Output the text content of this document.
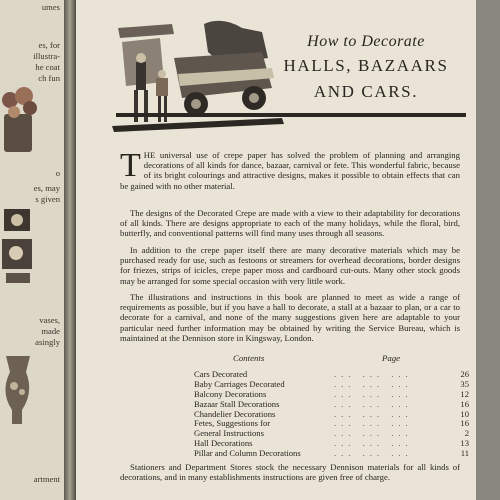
umes
es, for
illustra-
he coat
ch fun
o
es, may
s given
vases,
made
asingly
artment
How to Decorate
HALLS, BAZAARS
AND CARS.

THE universal use of crepe paper has solved the problem of planning and arranging decorations of all kinds for dance, bazaar, carnival or fete. This wonderful fabric, because of its bright colourings and attractive designs, makes it possible to obtain effects that can be gained with no other material.

The designs of the Decorated Crepe are made with a view to their adaptability for decorations of all kinds. There are designs appropriate to each of the many holidays, while the floral, bird, butterfly, and conventional patterns will find many uses through all seasons.

In addition to the crepe paper itself there are many decorative materials which may be purchased ready for use, such as festoons or streamers for overhead decorations, border designs for friezes, strips of icicles, crepe paper moss and cardboard cut-outs. Many other stock goods may be arranged for some special occasion with very little work.

The illustrations and instructions in this book are planned to meet as wide a range of requirements as possible, but if you have a hall to decorate, a stall at a bazaar to plan, or a car to decorate for a carnival, and none of the many suggestions given here are adaptable to your particular need further information may be obtained by writing the Service Bureau, which is maintained at the Dennison store in Kingsway, London.

Contents	Page
Cars Decorated	... ... ...	26
Baby Carriages Decorated	... ... ...	35
Balcony Decorations	... ... ...	12
Bazaar Stall Decorations	... ... ...	16
Chandelier Decorations	... ... ...	10
Fetes, Suggestions for	... ... ...	16
General Instructions	... ... ...	2
Hall Decorations	... ... ...	13
Pillar and Column Decorations	... ... ...	11

Stationers and Department Stores stock the necessary Dennison materials for all kinds of decorations, and in many establishments instructions are given free of charge.
